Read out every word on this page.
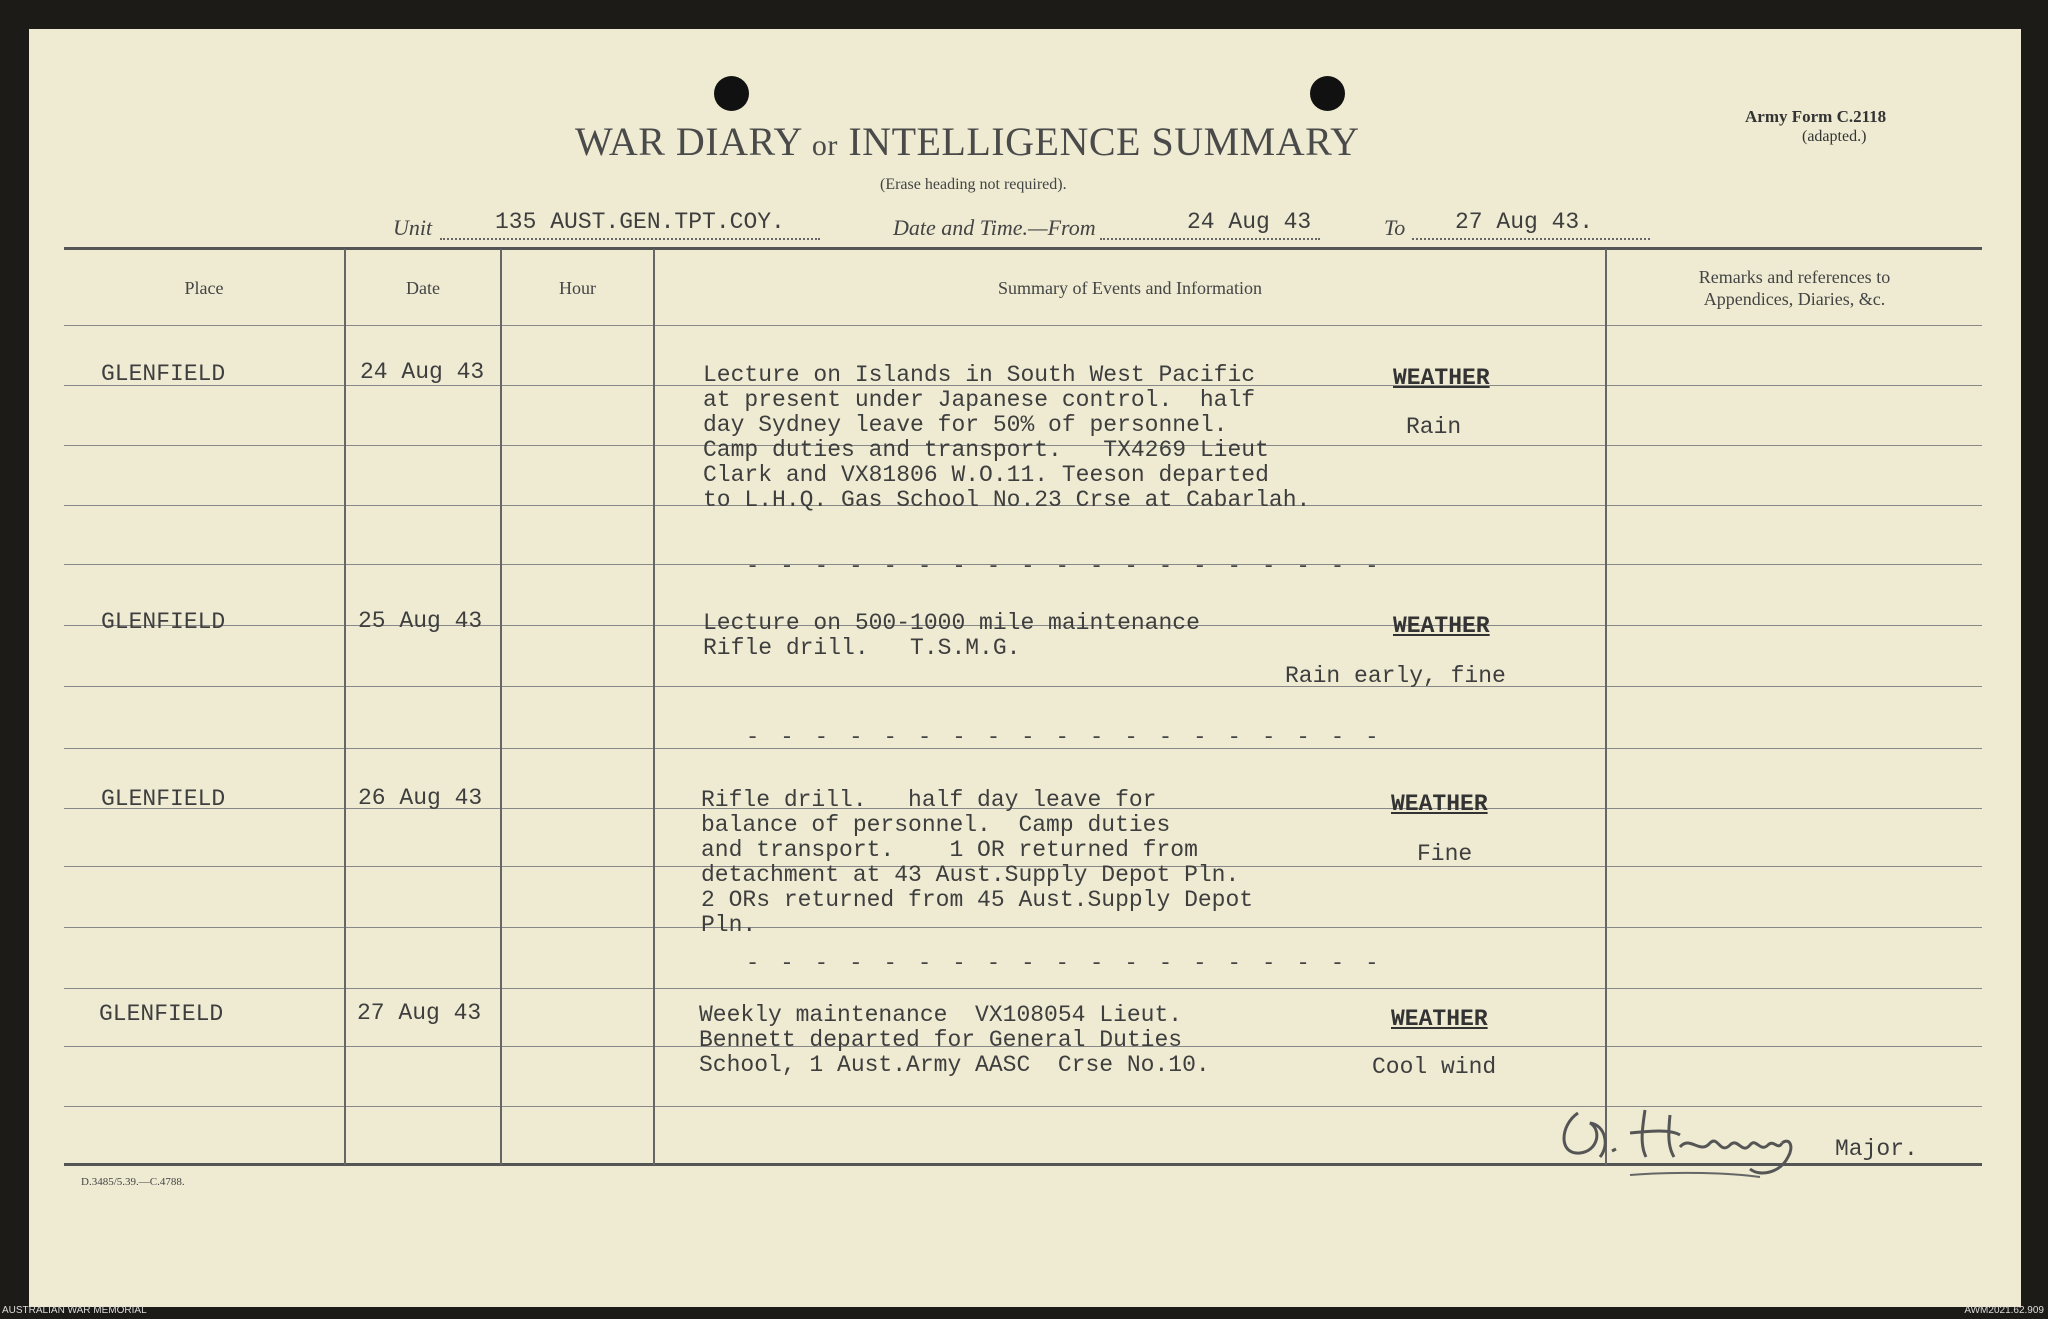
WAR DIARY or INTELLIGENCE SUMMARY
(Erase heading not required).
Army Form C.2118
(adapted.)
Unit	135 AUST.GEN.TPT.COY.	Date and Time.—From	24 Aug 43	To 27 Aug 43.
Place	Date	Hour	Summary of Events and Information
Remarks and references to
Appendices, Diaries, &c.
GLENFIELD	24 Aug 43	Lecture on Islands in South West Pacific
at present under Japanese control.  half
day Sydney leave for 50% of personnel.
Camp duties and transport.   TX4269 Lieut
Clark and VX81806 W.O.11. Teeson departed
to L.H.Q. Gas School No.23 Crse at Cabarlah.
WEATHER
Rain
- - - - - - - - - - - - - - - - - - -
GLENFIELD	25 Aug 43	Lecture on 500-1000 mile maintenance
Rifle drill.   T.S.M.G.
WEATHER
Rain early, fine
- - - - - - - - - - - - - - - - - - -
GLENFIELD	26 Aug 43	Rifle drill.   half day leave for
balance of personnel.  Camp duties
and transport.    1 OR returned from
detachment at 43 Aust.Supply Depot Pln.
2 ORs returned from 45 Aust.Supply Depot
Pln.
WEATHER
Fine
- - - - - - - - - - - - - - - - - - -
GLENFIELD	27 Aug 43	Weekly maintenance  VX108054 Lieut.
Bennett departed for General Duties
School, 1 Aust.Army AASC  Crse No.10.
WEATHER
Cool wind
Major.
D.3485/5.39.—C.4788.
AUSTRALIAN WAR MEMORIAL	AWM2021.62.909
